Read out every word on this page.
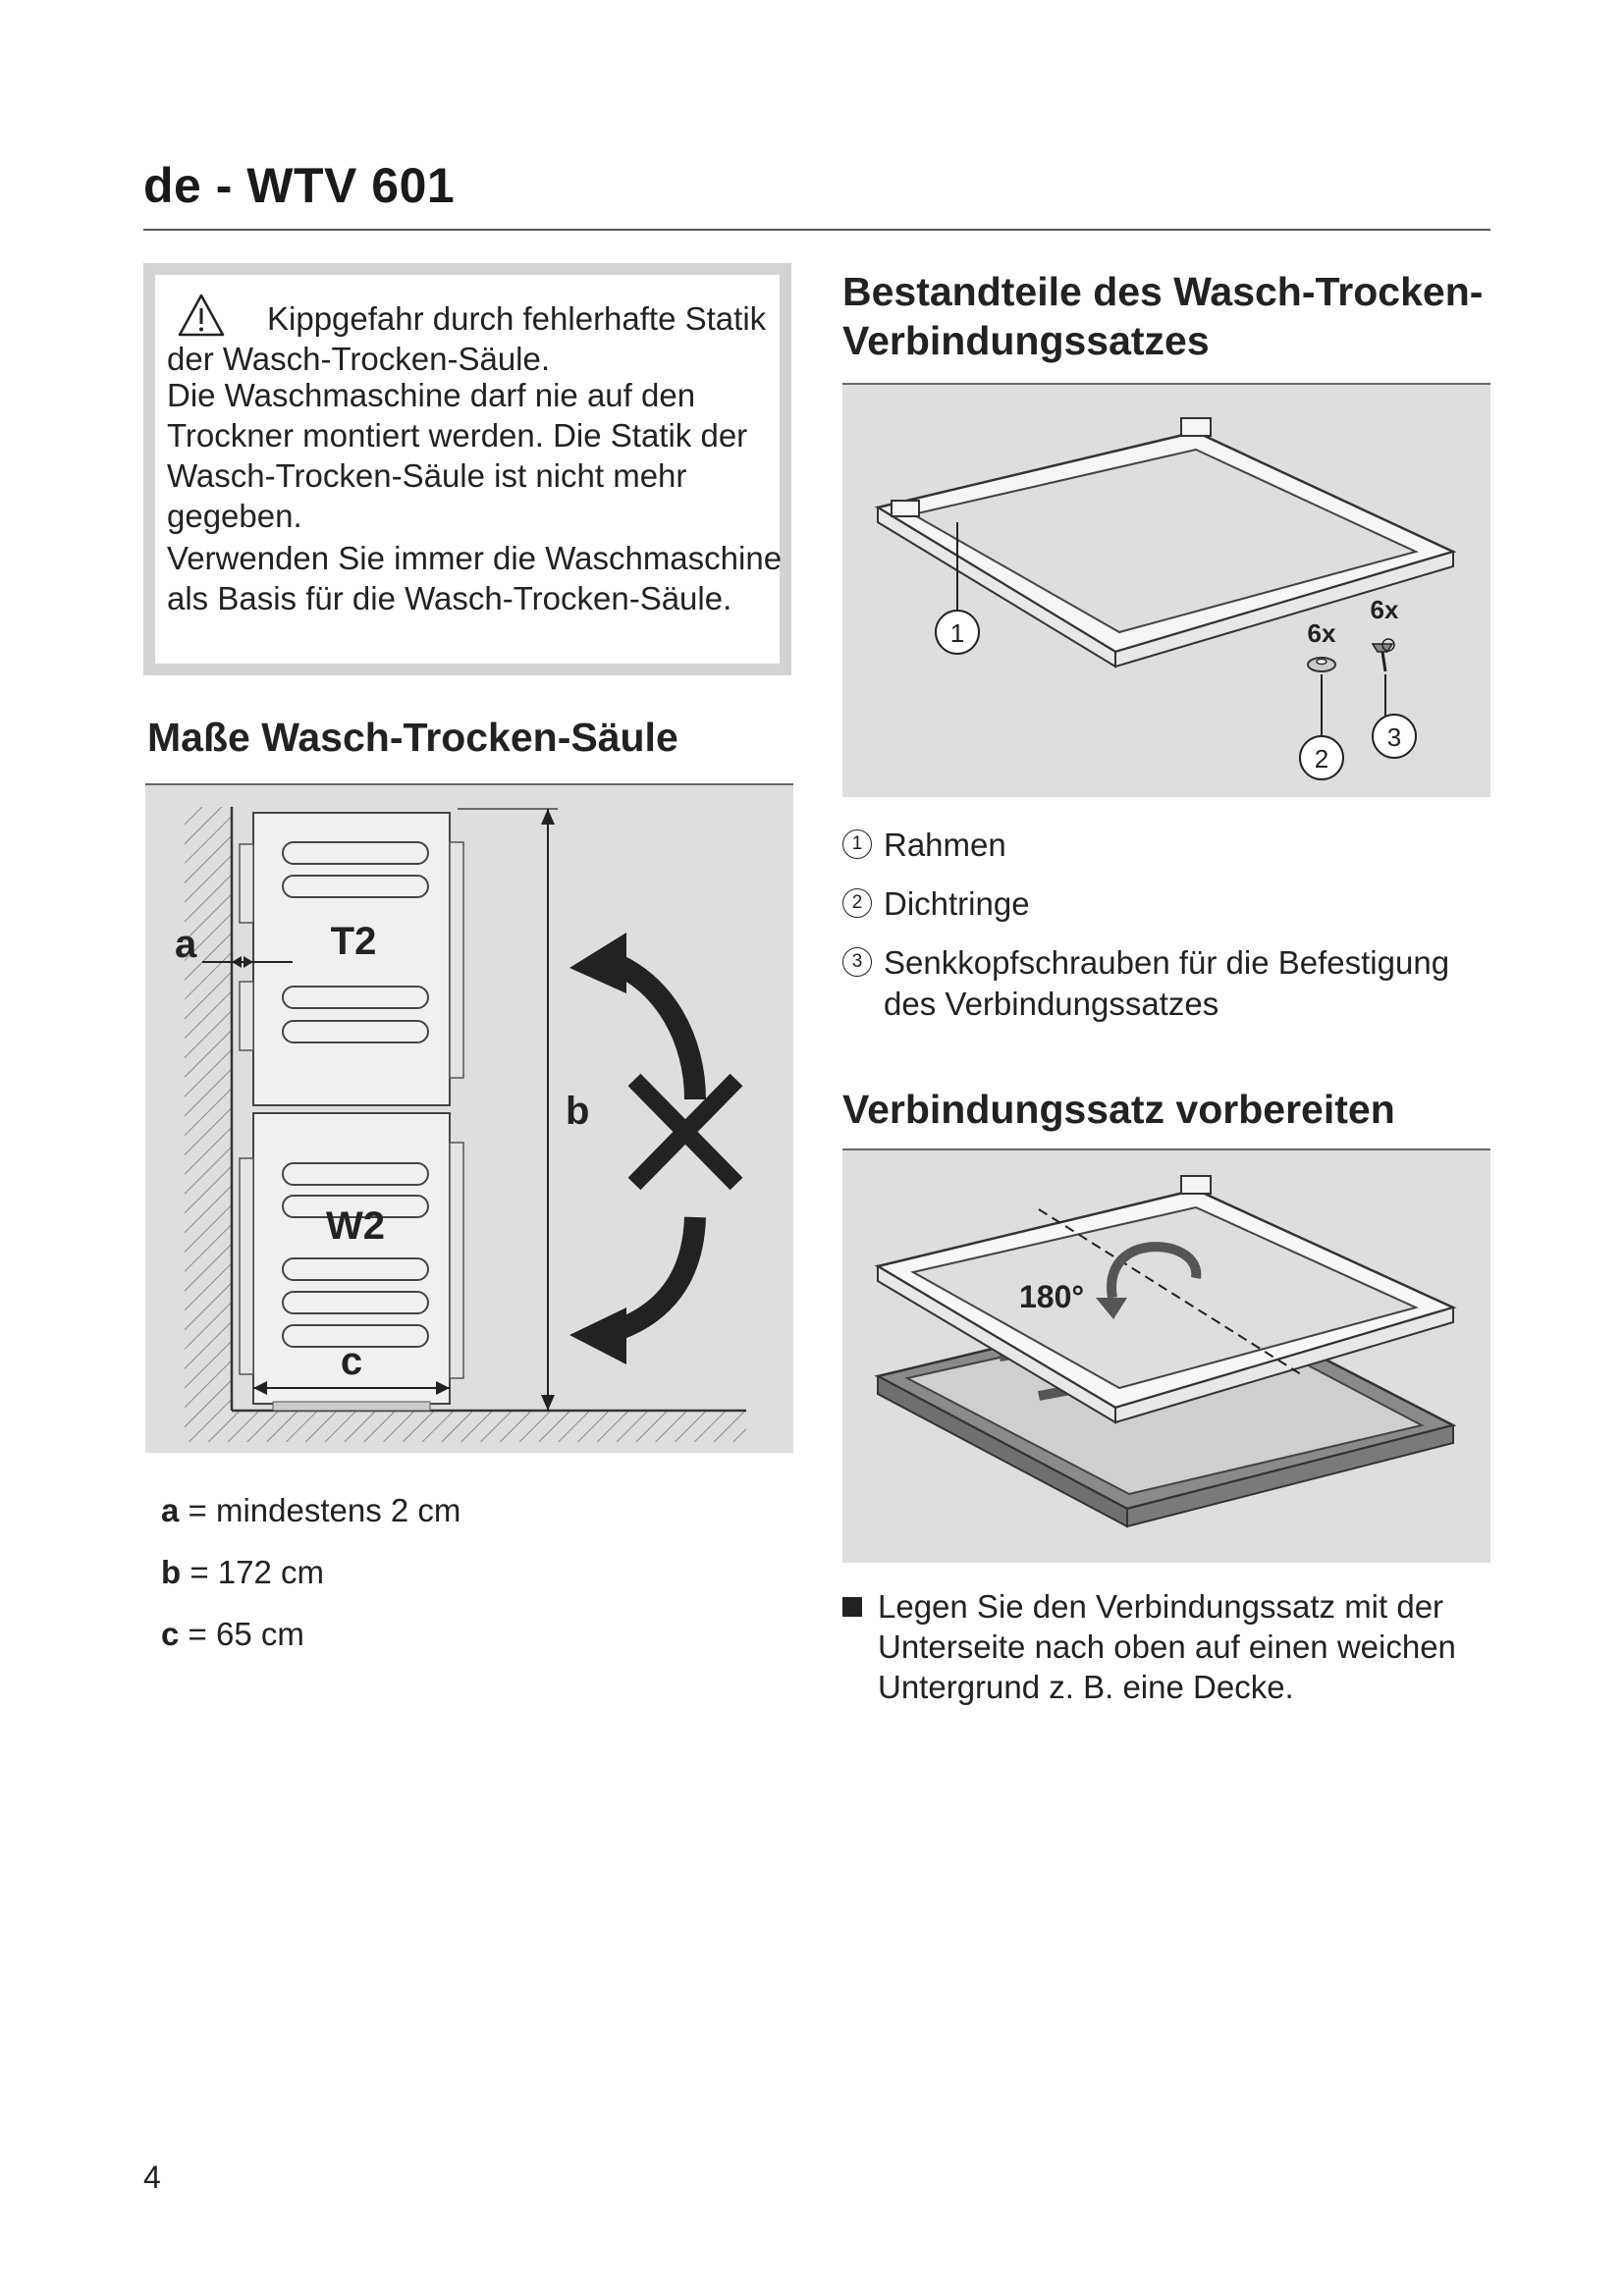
de - WTV 601
Kippgefahr durch fehlerhafte Statik der Wasch-Trocken-Säule.
Die Waschmaschine darf nie auf den Trockner montiert werden. Die Statik der Wasch-Trocken-Säule ist nicht mehr gegeben.
Verwenden Sie immer die Waschmaschine als Basis für die Wasch-Trocken-Säule.
Maße Wasch-Trocken-Säule
T2
W2
a
b
c
a = mindestens 2 cm
b = 172 cm
c = 65 cm
Bestandteile des Wasch-Trocken-Verbindungssatzes
1	6x
2
6x
3
1 Rahmen
2 Dichtringe
3 Senkkopfschrauben für die Befestigung des Verbindungssatzes
Verbindungssatz vorbereiten
180°
Legen Sie den Verbindungssatz mit der Unterseite nach oben auf einen weichen Untergrund z. B. eine Decke.
4
